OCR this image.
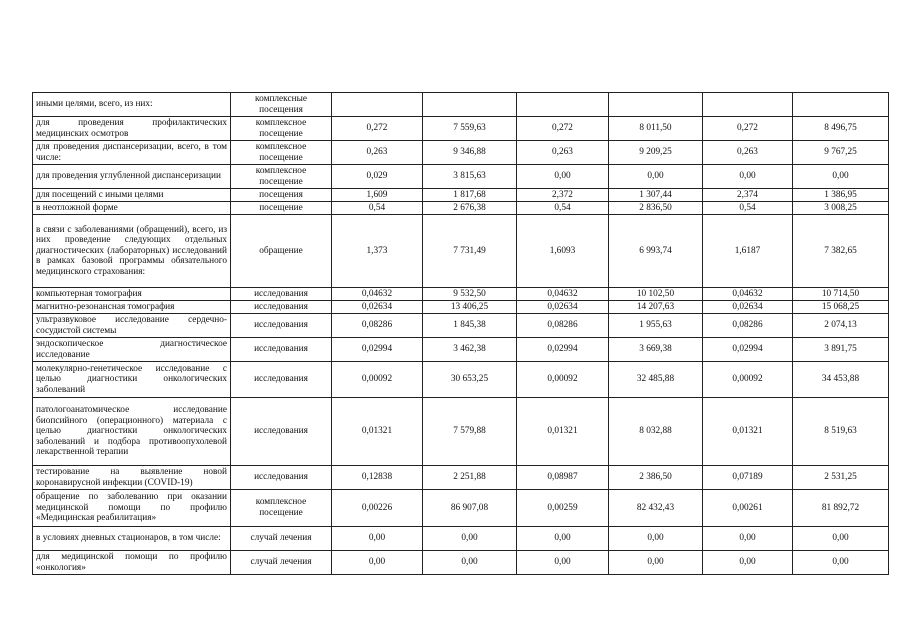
иными целями, всего, из них:	комплексные посещения						
для проведения профилактических медицинских осмотров	комплексное посещение	0,272	7 559,63	0,272	8 011,50	0,272	8 496,75
для проведения диспансеризации, всего, в том числе:	комплексное посещение	0,263	9 346,88	0,263	9 209,25	0,263	9 767,25
для проведения углубленной диспансеризации	комплексное посещение	0,029	3 815,63	0,00	0,00	0,00	0,00
для посещений с иными целями	посещения	1,609	1 817,68	2,372	1 307,44	2,374	1 386,95
в неотложной форме	посещение	0,54	2 676,38	0,54	2 836,50	0,54	3 008,25
в связи с заболеваниями (обращений), всего, из них проведение следующих отдельных диагностических (лабораторных) исследований в рамках базовой программы обязательного медицинского страхования:	обращение	1,373	7 731,49	1,6093	6 993,74	1,6187	7 382,65
компьютерная томография	исследования	0,04632	9 532,50	0,04632	10 102,50	0,04632	10 714,50
магнитно-резонансная томография	исследования	0,02634	13 406,25	0,02634	14 207,63	0,02634	15 068,25
ультразвуковое исследование сердечно-сосудистой системы	исследования	0,08286	1 845,38	0,08286	1 955,63	0,08286	2 074,13
эндоскопическое диагностическое исследование	исследования	0,02994	3 462,38	0,02994	3 669,38	0,02994	3 891,75
молекулярно-генетическое исследование с целью диагностики онкологических заболеваний	исследования	0,00092	30 653,25	0,00092	32 485,88	0,00092	34 453,88
патологоанатомическое исследование биопсийного (операционного) материала с целью диагностики онкологических заболеваний и подбора противоопухолевой лекарственной терапии	исследования	0,01321	7 579,88	0,01321	8 032,88	0,01321	8 519,63
тестирование на выявление новой коронавирусной инфекции (COVID-19)	исследования	0,12838	2 251,88	0,08987	2 386,50	0,07189	2 531,25
обращение по заболеванию при оказании медицинской помощи по профилю «Медицинская реабилитация»	комплексное посещение	0,00226	86 907,08	0,00259	82 432,43	0,00261	81 892,72
в условиях дневных стационаров, в том числе:	случай лечения	0,00	0,00	0,00	0,00	0,00	0,00
для медицинской помощи по профилю «онкология»	случай лечения	0,00	0,00	0,00	0,00	0,00	0,00
